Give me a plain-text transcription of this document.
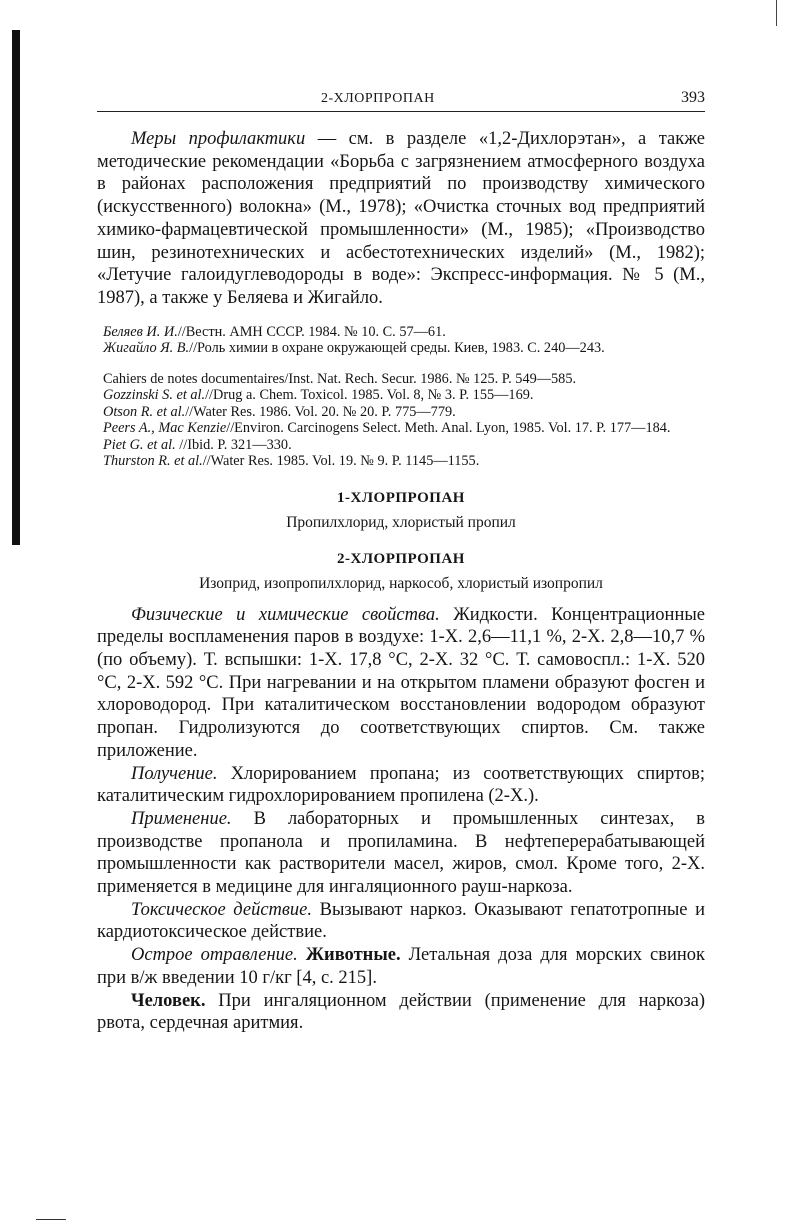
2-ХЛОРПРОПАН	393

Меры профилактики — см. в разделе «1,2-Дихлорэтан», а также методические рекомендации «Борьба с загрязнением атмосферного воздуха в районах расположения предприятий по производству химического (искусственного) волокна» (М., 1978); «Очистка сточных вод предприятий химико-фармацевтической промышленности» (М., 1985); «Производство шин, резинотехнических и асбестотехнических изделий» (М., 1982); «Летучие галоидуглеводороды в воде»: Экспресс-информация. № 5 (М., 1987), а также у Беляева и Жигайло.

Беляев И. И.//Вестн. АМН СССР. 1984. № 10. С. 57—61.

Жигайло Я. В.//Роль химии в охране окружающей среды. Киев, 1983. С. 240—243.

Cahiers de notes documentaires/Inst. Nat. Rech. Secur. 1986. № 125. P. 549—585.

Gozzinski S. et al.//Drug a. Chem. Toxicol. 1985. Vol. 8, № 3. P. 155—169.

Otson R. et al.//Water Res. 1986. Vol. 20. № 20. P. 775—779.

Peers A., Mac Kenzie//Environ. Carcinogens Select. Meth. Anal. Lyon, 1985. Vol. 17. P. 177—184.

Piet G. et al. //Ibid. P. 321—330.

Thurston R. et al.//Water Res. 1985. Vol. 19. № 9. P. 1145—1155.

1-ХЛОРПРОПАН
Пропилхлорид, хлористый пропил
2-ХЛОРПРОПАН
Изоприд, изопропилхлорид, наркособ, хлористый изопропил

Физические и химические свойства. Жидкости. Концентрационные пределы воспламенения паров в воздухе: 1-Х. 2,6—11,1 %, 2-Х. 2,8—10,7 % (по объему). Т. вспышки: 1-Х. 17,8 °С, 2-Х. 32 °С. Т. самовоспл.: 1-Х. 520 °С, 2-Х. 592 °С. При нагревании и на открытом пламени образуют фосген и хлороводород. При каталитическом восстановлении водородом образуют пропан. Гидролизуются до соответствующих спиртов. См. также приложение.

Получение. Хлорированием пропана; из соответствующих спиртов; каталитическим гидрохлорированием пропилена (2-Х.).

Применение. В лабораторных и промышленных синтезах, в производстве пропанола и пропиламина. В нефтеперерабатывающей промышленности как растворители масел, жиров, смол. Кроме того, 2-Х. применяется в медицине для ингаляционного рауш-наркоза.

Токсическое действие. Вызывают наркоз. Оказывают гепатотропные и кардиотоксическое действие.

Острое отравление. Животные. Летальная доза для морских свинок при в/ж введении 10 г/кг [4, с. 215].

Человек. При ингаляционном действии (применение для наркоза) рвота, сердечная аритмия.
